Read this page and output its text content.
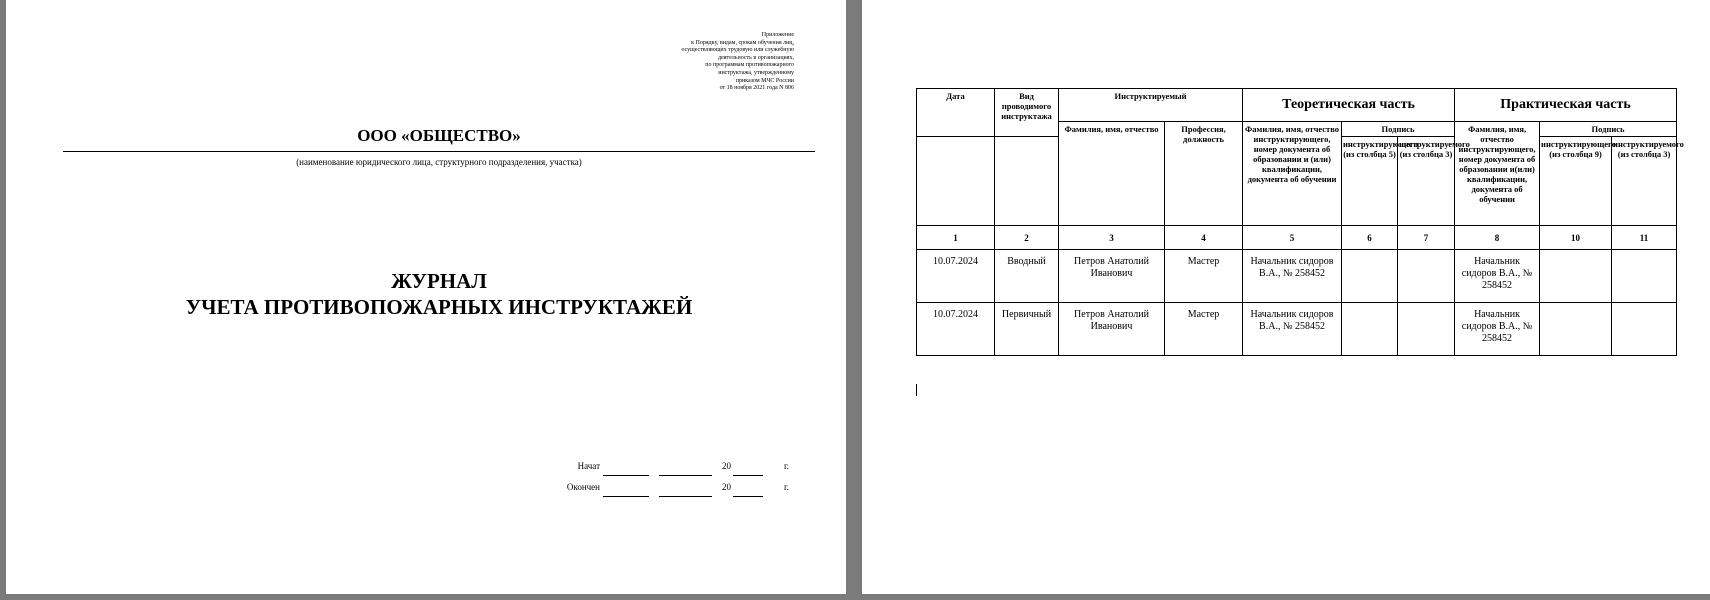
Приложение
к Порядку, видам, срокам обучения лиц,
осуществляющих трудовую или служебную
деятельность в организациях,
по программам противопожарного
инструктажа, утвержденному
приказом МЧС России
от 18 ноября 2021 года N 806
ООО «ОБЩЕСТВО»
(наименование юридического лица, структурного подразделения, участка)
ЖУРНАЛ
УЧЕТА ПРОТИВОПОЖАРНЫХ ИНСТРУКТАЖЕЙ
Начат	20	г.
Окончен	20	г.
Дата	Вид проводимого инструктажа	Инструктируемый		Теоретическая часть			Практическая часть		
		Фамилия, имя, отчество	Профессия, должность	Фамилия, имя, отчество инструктирующего, номер документа об образовании и (или) квалификации, документа об обучении	Подпись		Фамилия, имя, отчество инструктирующего, номер документа об образовании и(или) квалификации, документа об обучении	Подпись	
					инструктирующего (из столбца 5)	инструктируемого (из столбца 3)		инструктирующего (из столбца 9)	инструктируемого (из столбца 3)
1	2	3	4	5	6	7	8	10	11
10.07.2024	Вводный	Петров Анатолий Иванович	Мастер	Начальник сидоров В.А., № 258452			Начальник сидоров В.А., № 258452		
10.07.2024	Первичный	Петров Анатолий Иванович	Мастер	Начальник сидоров В.А., № 258452			Начальник сидоров В.А., № 258452		
